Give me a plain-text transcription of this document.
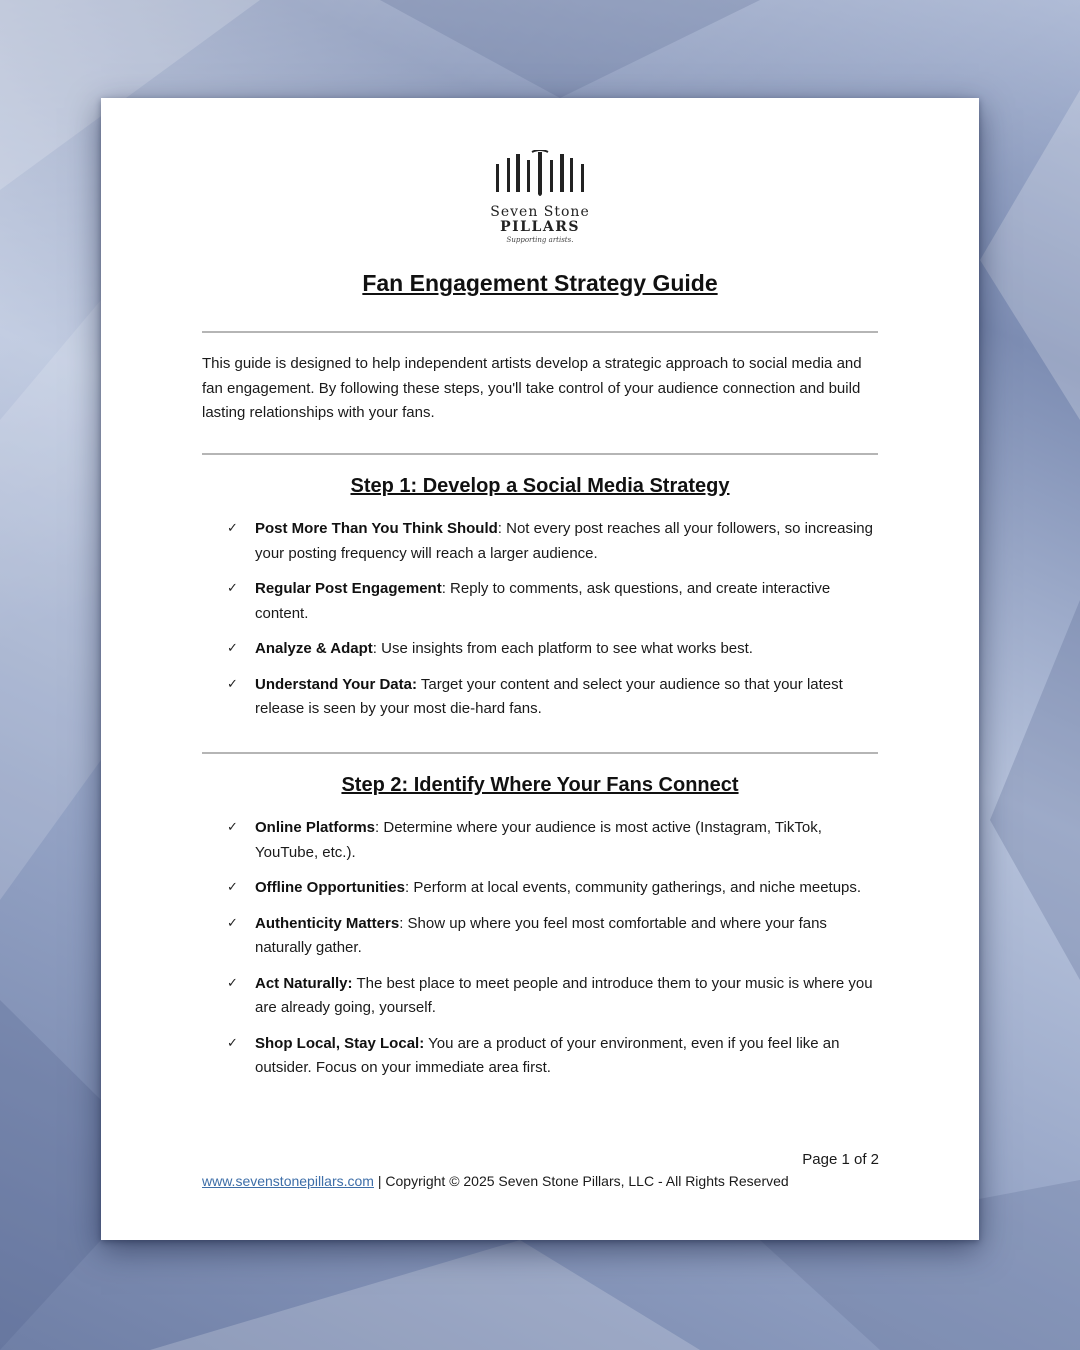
Seven Stone
PILLARS
Supporting artists.
Fan Engagement Strategy Guide

This guide is designed to help independent artists develop a strategic approach to social media and fan engagement. By following these steps, you'll take control of your audience connection and build lasting relationships with your fans.

Step 1: Develop a Social Media Strategy
✓ Post More Than You Think Should: Not every post reaches all your followers, so increasing your posting frequency will reach a larger audience.
✓ Regular Post Engagement: Reply to comments, ask questions, and create interactive content.
✓ Analyze & Adapt: Use insights from each platform to see what works best.
✓ Understand Your Data: Target your content and select your audience so that your latest release is seen by your most die-hard fans.
Step 2: Identify Where Your Fans Connect
✓ Online Platforms: Determine where your audience is most active (Instagram, TikTok, YouTube, etc.).
✓ Offline Opportunities: Perform at local events, community gatherings, and niche meetups.
✓ Authenticity Matters: Show up where you feel most comfortable and where your fans naturally gather.
✓ Act Naturally: The best place to meet people and introduce them to your music is where you are already going, yourself.
✓ Shop Local, Stay Local: You are a product of your environment, even if you feel like an outsider. Focus on your immediate area first.
Page 1 of 2
www.sevenstonepillars.com | Copyright © 2025 Seven Stone Pillars, LLC - All Rights Reserved
